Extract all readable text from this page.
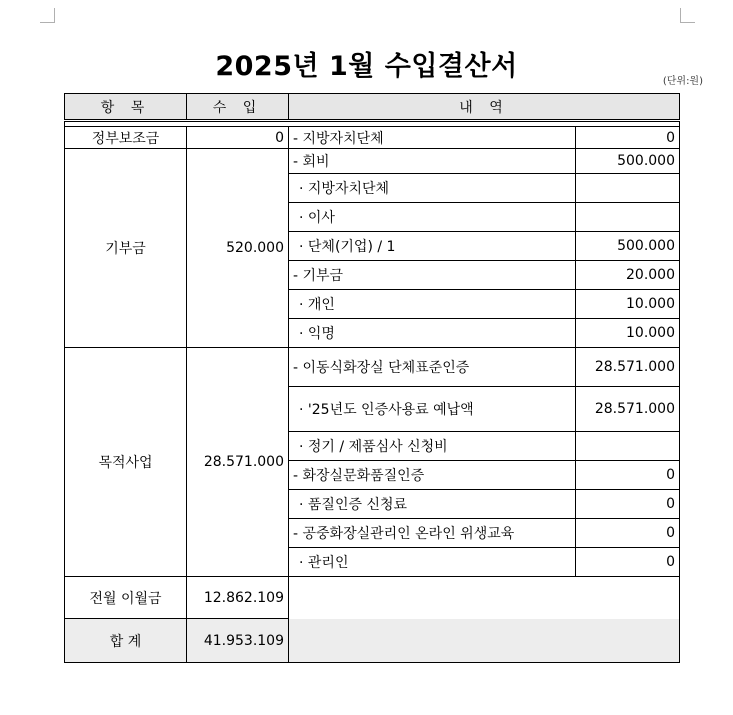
2025년 1월 수입결산서	(단위:원)
항 목	수 입	내 역	

정부보조금	0	- 지방자치단체	0
기부금	520.000	- 회비	500.000
		· 지방자치단체	
		· 이사	
		· 단체(기업) / 1	500.000
		- 기부금	20.000
		· 개인	10.000
		· 익명	10.000
목적사업	28.571.000	- 이동식화장실 단체표준인증	28.571.000
		· '25년도 인증사용료 예납액	28.571.000
		· 정기 / 제품심사 신청비	
		- 화장실문화품질인증	0
		· 품질인증 신청료	0
		- 공중화장실관리인 온라인 위생교육	0
		· 관리인	0
전월 이월금	12.862.109		
합 계	41.953.109		
